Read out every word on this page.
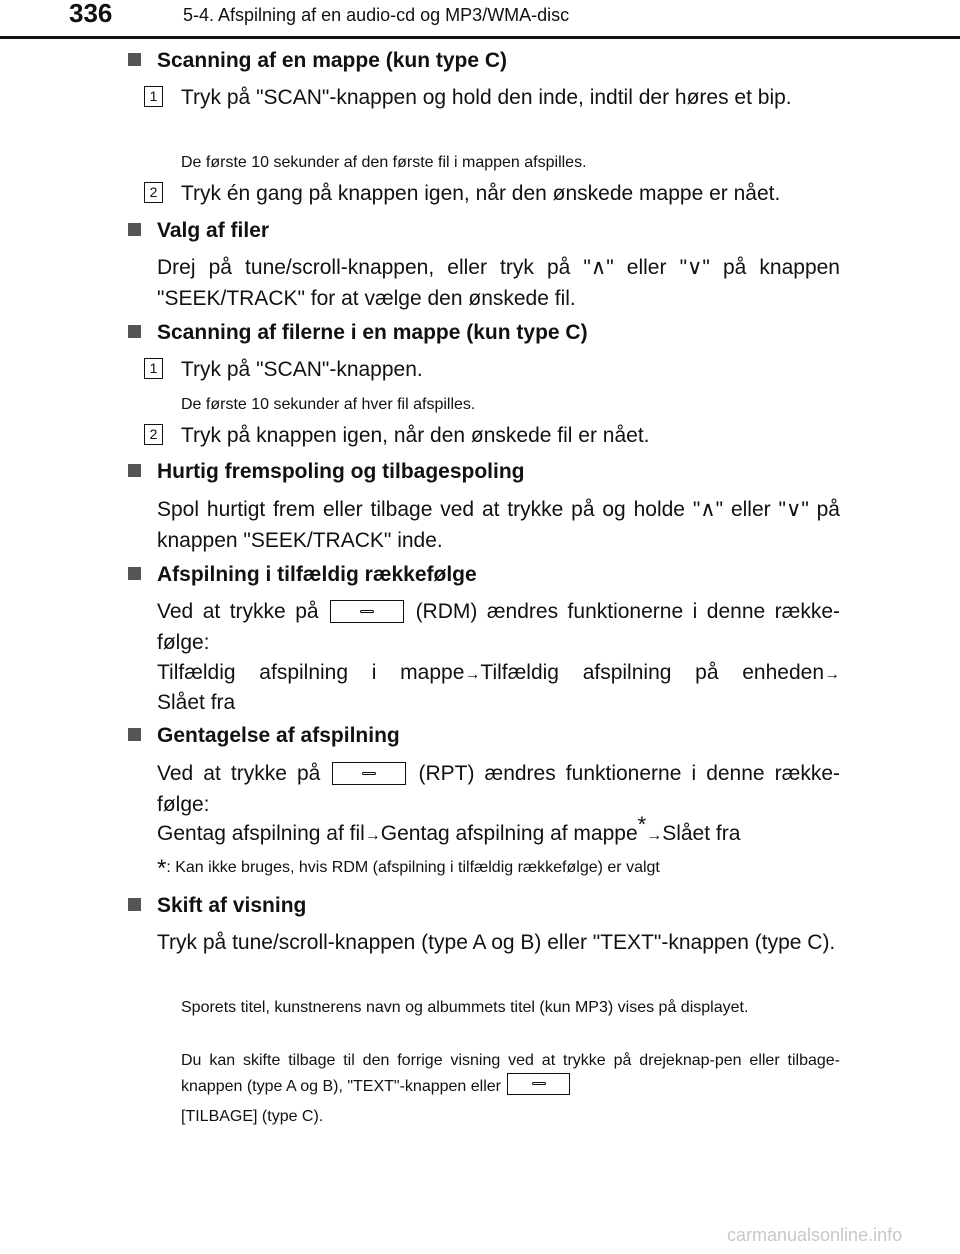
336	5-4. Afspilning af en audio-cd og MP3/WMA-disc
Scanning af en mappe (kun type C)
1 Tryk på "SCAN"-knappen og hold den inde, indtil der høres et bip.
De første 10 sekunder af den første fil i mappen afspilles.
2 Tryk én gang på knappen igen, når den ønskede mappe er nået.
Valg af filer
Drej på tune/scroll-knappen, eller tryk på "∧" eller "∨" på knappen "SEEK/TRACK" for at vælge den ønskede fil.
Scanning af filerne i en mappe (kun type C)
1 Tryk på "SCAN"-knappen.
De første 10 sekunder af hver fil afspilles.
2 Tryk på knappen igen, når den ønskede fil er nået.
Hurtig fremspoling og tilbagespoling
Spol hurtigt frem eller tilbage ved at trykke på og holde "∧" eller "∨" på knappen "SEEK/TRACK" inde.
Afspilning i tilfældig rækkefølge
Ved at trykke på	(RDM) ændres funktionerne i denne række-følge:
Tilfældig afspilning i mappe→Tilfældig afspilning på enheden→
Slået fra
Gentagelse af afspilning
Ved at trykke på	(RPT) ændres funktionerne i denne række-følge:
Gentag afspilning af fil→Gentag afspilning af mappe*→Slået fra
*: Kan ikke bruges, hvis RDM (afspilning i tilfældig rækkefølge) er valgt
Skift af visning
Tryk på tune/scroll-knappen (type A og B) eller "TEXT"-knappen (type C).
Sporets titel, kunstnerens navn og albummets titel (kun MP3) vises på displayet.
Du kan skifte tilbage til den forrige visning ved at trykke på drejeknap-pen eller tilbage-knappen (type A og B), "TEXT"-knappen eller
[TILBAGE] (type C).
carmanualsonline.info
